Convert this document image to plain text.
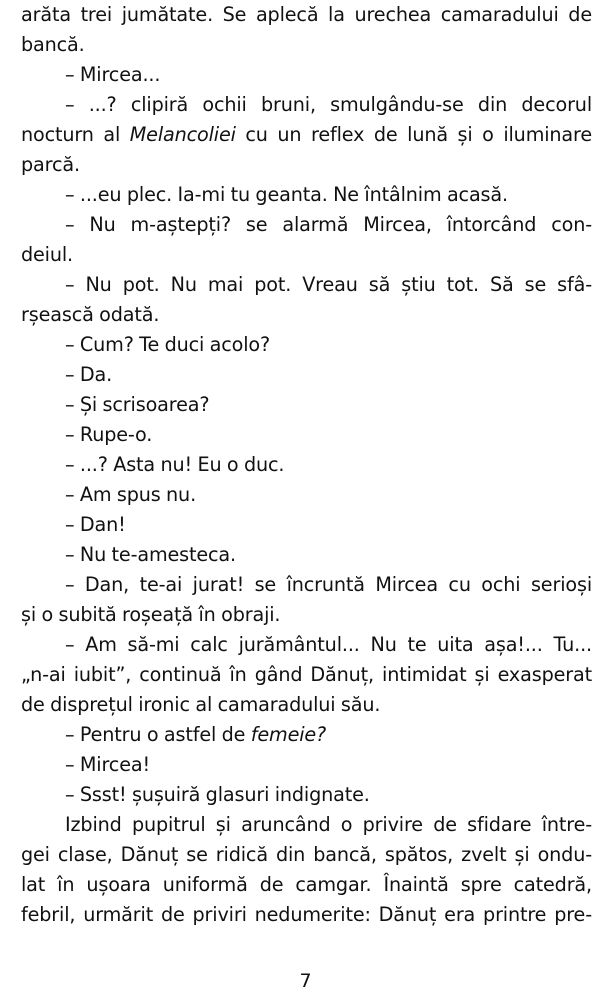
arăta trei jumătate. Se aplecă la urechea camaradului de
bancă.
– Mircea...
– ...? clipiră ochii bruni, smulgându-se din decorul
nocturn al Melancoliei cu un reflex de lună și o iluminare
parcă.
– ...eu plec. Ia-mi tu geanta. Ne întâlnim acasă.
– Nu m-aștepți? se alarmă Mircea, întorcând con-
deiul.
– Nu pot. Nu mai pot. Vreau să știu tot. Să se sfâ-
rșească odată.
– Cum? Te duci acolo?
– Da.
– Și scrisoarea?
– Rupe-o.
– ...? Asta nu! Eu o duc.
– Am spus nu.
– Dan!
– Nu te-amesteca.
– Dan, te-ai jurat! se încruntă Mircea cu ochi serioși
și o subită roșeață în obraji.
– Am să-mi calc jurământul... Nu te uita așa!... Tu...
„n-ai iubit”, continuă în gând Dănuț, intimidat și exasperat
de disprețul ironic al camaradului său.
– Pentru o astfel de femeie?
– Mircea!
– Ssst! șușuiră glasuri indignate.
Izbind pupitrul și aruncând o privire de sfidare între-
gei clase, Dănuț se ridică din bancă, spătos, zvelt și ondu-
lat în ușoara uniformă de camgar. Înaintă spre catedră,
febril, urmărit de priviri nedumerite: Dănuț era printre pre-
7
